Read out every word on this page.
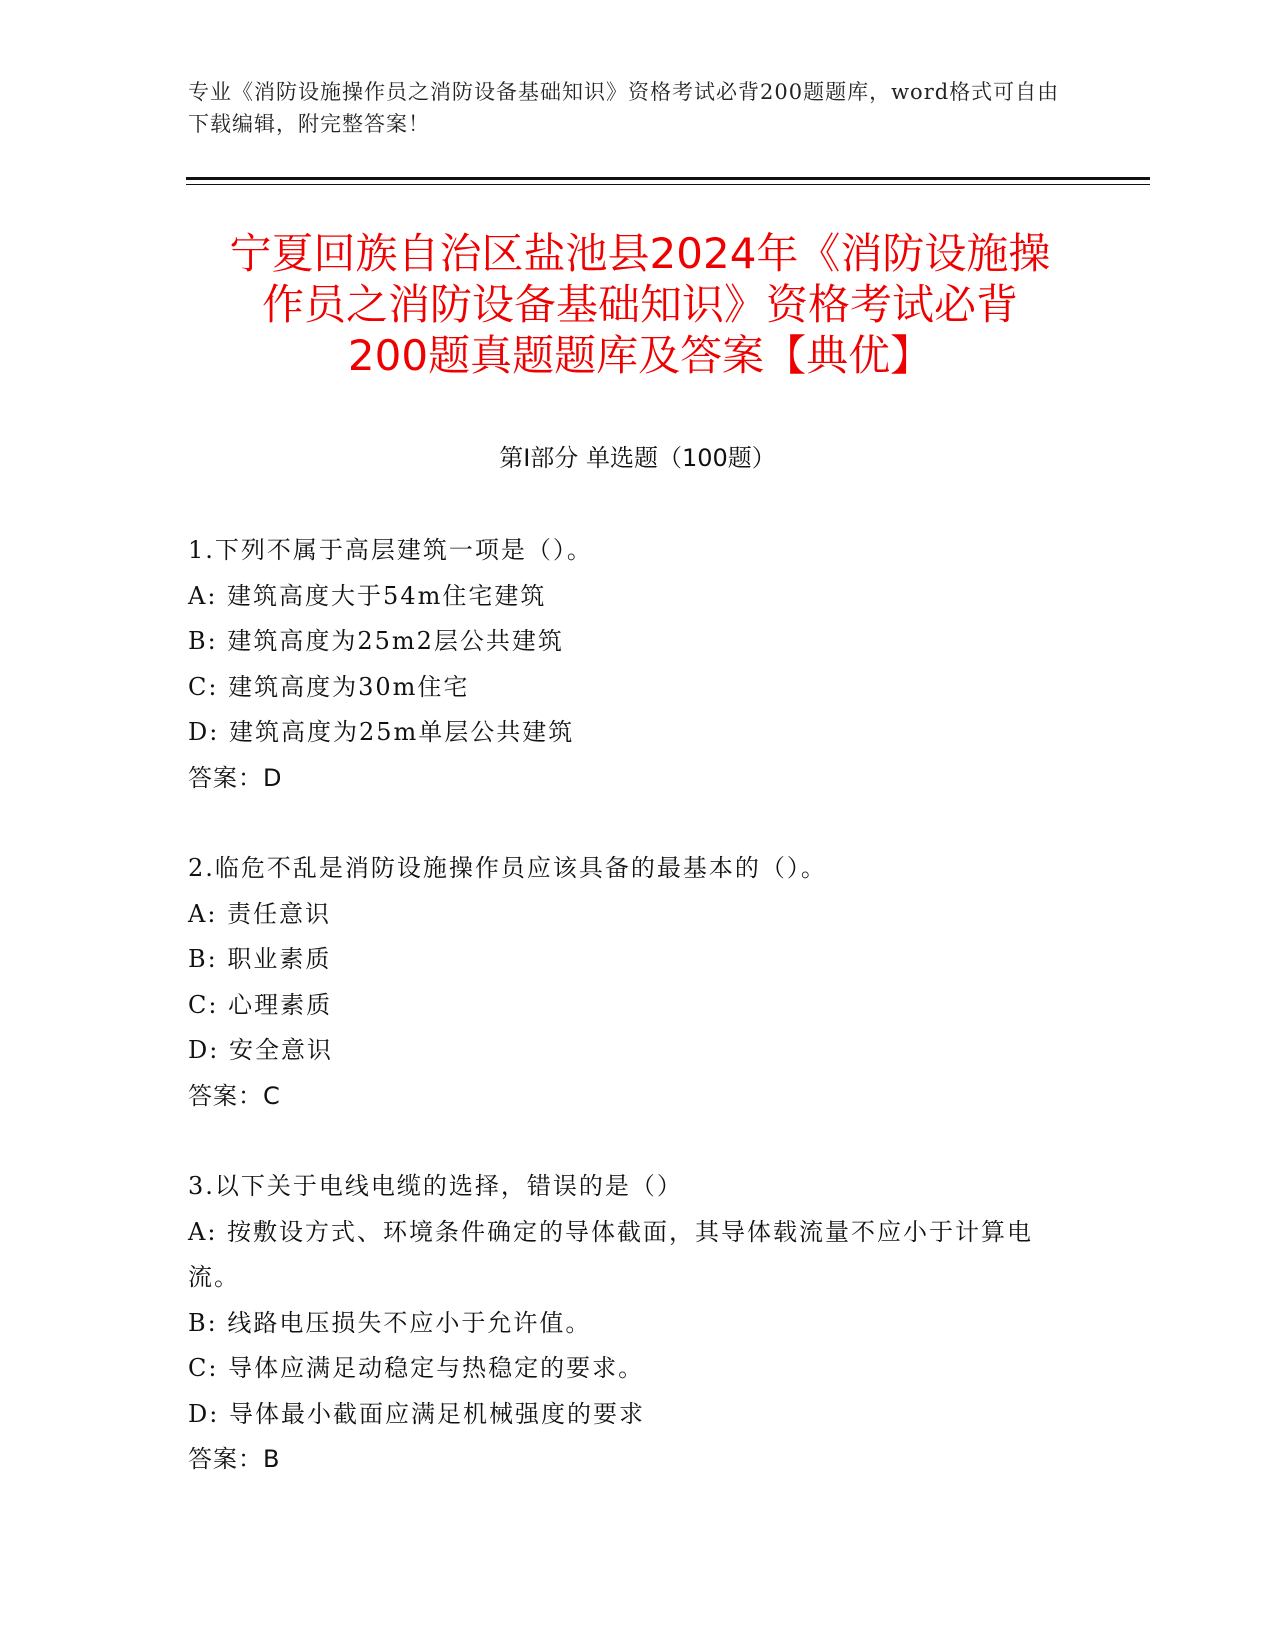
专业《消防设施操作员之消防设备基础知识》资格考试必背200题题库，word格式可自由下载编辑，附完整答案！
宁夏回族自治区盐池县2024年《消防设施操
作员之消防设备基础知识》资格考试必背
200题真题题库及答案【典优】
第Ⅰ部分 单选题（100题）

1.下列不属于高层建筑一项是（）。

A: 建筑高度大于54m住宅建筑

B: 建筑高度为25m2层公共建筑

C: 建筑高度为30m住宅

D: 建筑高度为25m单层公共建筑

答案：D

2.临危不乱是消防设施操作员应该具备的最基本的（）。

A: 责任意识

B: 职业素质

C: 心理素质

D: 安全意识

答案：C

3.以下关于电线电缆的选择，错误的是（）

A: 按敷设方式、环境条件确定的导体截面，其导体载流量不应小于计算电流。

B: 线路电压损失不应小于允许值。

C: 导体应满足动稳定与热稳定的要求。

D: 导体最小截面应满足机械强度的要求

答案：B
